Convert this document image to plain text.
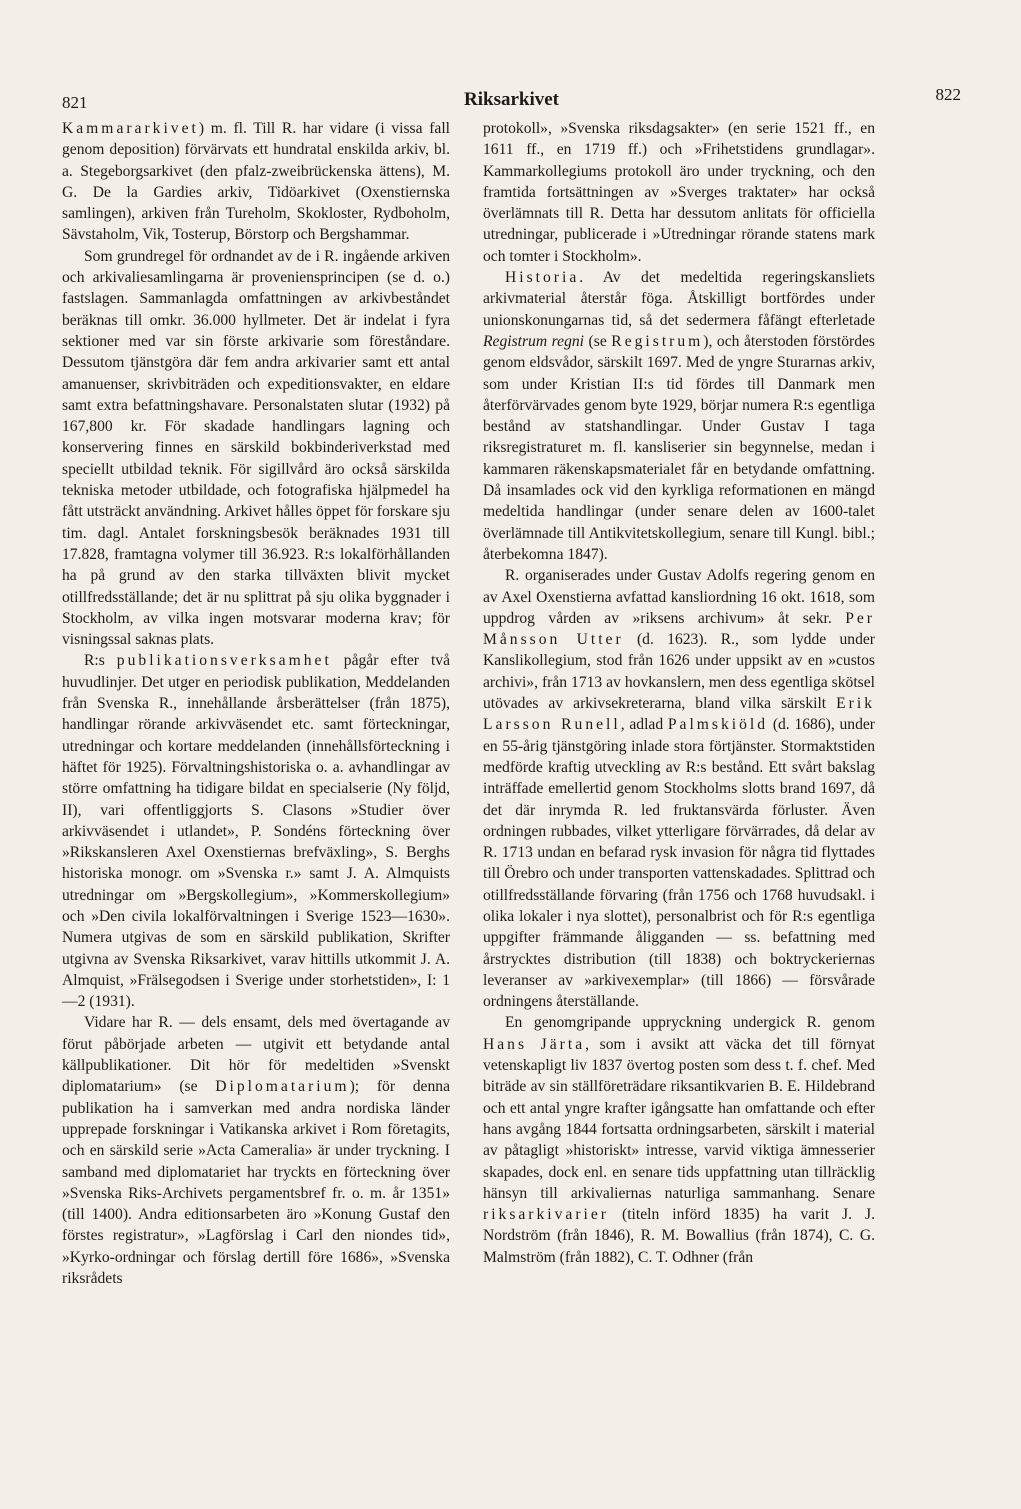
821	Riksarkivet	822

Kammararkivet) m. fl. Till R. har vidare (i vissa fall genom deposition) förvärvats ett hundratal enskilda arkiv, bl. a. Stegeborgsarkivet (den pfalz-zweibrückenska ättens), M. G. De la Gardies arkiv, Tidöarkivet (Oxenstiernska samlingen), arkiven från Tureholm, Skokloster, Rydboholm, Sävstaholm, Vik, Tosterup, Börstorp och Bergshammar.

Som grundregel för ordnandet av de i R. ingående arkiven och arkivaliesamlingarna är proveniensprincipen (se d. o.) fastslagen. Sammanlagda omfattningen av arkivbeståndet beräknas till omkr. 36.000 hyllmeter. Det är indelat i fyra sektioner med var sin förste arkivarie som föreståndare. Dessutom tjänstgöra där fem andra arkivarier samt ett antal amanuenser, skrivbiträden och expeditionsvakter, en eldare samt extra befattningshavare. Personalstaten slutar (1932) på 167,800 kr. För skadade handlingars lagning och konservering finnes en särskild bokbinderiverkstad med speciellt utbildad teknik. För sigillvård äro också särskilda tekniska metoder utbildade, och fotografiska hjälpmedel ha fått utsträckt användning. Arkivet hålles öppet för forskare sju tim. dagl. Antalet forskningsbesök beräknades 1931 till 17.828, framtagna volymer till 36.923. R:s lokalförhållanden ha på grund av den starka tillväxten blivit mycket otillfredsställande; det är nu splittrat på sju olika byggnader i Stockholm, av vilka ingen motsvarar moderna krav; för visningssal saknas plats.

R:s publikationsverksamhet pågår efter två huvudlinjer. Det utger en periodisk publikation, Meddelanden från Svenska R., innehållande årsberättelser (från 1875), handlingar rörande arkivväsendet etc. samt förteckningar, utredningar och kortare meddelanden (innehållsförteckning i häftet för 1925). Förvaltningshistoriska o. a. avhandlingar av större omfattning ha tidigare bildat en specialserie (Ny följd, II), vari offentliggjorts S. Clasons »Studier över arkivväsendet i utlandet», P. Sondéns förteckning över »Rikskansleren Axel Oxenstiernas brefväxling», S. Berghs historiska monogr. om »Svenska r.» samt J. A. Almquists utredningar om »Bergskollegium», »Kommerskollegium» och »Den civila lokalförvaltningen i Sverige 1523—1630». Numera utgivas de som en särskild publikation, Skrifter utgivna av Svenska Riksarkivet, varav hittills utkommit J. A. Almquist, »Frälsegodsen i Sverige under storhetstiden», I: 1—2 (1931).

Vidare har R. — dels ensamt, dels med övertagande av förut påbörjade arbeten — utgivit ett betydande antal källpublikationer. Dit hör för medeltiden »Svenskt diplomatarium» (se Diplomatarium); för denna publikation ha i samverkan med andra nordiska länder upprepade forskningar i Vatikanska arkivet i Rom företagits, och en särskild serie »Acta Cameralia» är under tryckning. I samband med diplomatariet har tryckts en förteckning över »Svenska Riks-Archivets pergamentsbref fr. o. m. år 1351» (till 1400). Andra editionsarbeten äro »Konung Gustaf den förstes registratur», »Lagförslag i Carl den niondes tid», »Kyrko-ordningar och förslag dertill före 1686», »Svenska riksrådets

protokoll», »Svenska riksdagsakter» (en serie 1521 ff., en 1611 ff., en 1719 ff.) och »Frihetstidens grundlagar». Kammarkollegiums protokoll äro under tryckning, och den framtida fortsättningen av »Sverges traktater» har också överlämnats till R. Detta har dessutom anlitats för officiella utredningar, publicerade i »Utredningar rörande statens mark och tomter i Stockholm».

Historia. Av det medeltida regeringskansliets arkivmaterial återstår föga. Åtskilligt bortfördes under unionskonungarnas tid, så det sedermera fåfängt efterletade Registrum regni (se Registrum), och återstoden förstördes genom eldsvådor, särskilt 1697. Med de yngre Sturarnas arkiv, som under Kristian II:s tid fördes till Danmark men återförvärvades genom byte 1929, börjar numera R:s egentliga bestånd av statshandlingar. Under Gustav I taga riksregistraturet m. fl. kansliserier sin begynnelse, medan i kammaren räkenskapsmaterialet får en betydande omfattning. Då insamlades ock vid den kyrkliga reformationen en mängd medeltida handlingar (under senare delen av 1600-talet överlämnade till Antikvitetskollegium, senare till Kungl. bibl.; återbekomna 1847).

R. organiserades under Gustav Adolfs regering genom en av Axel Oxenstierna avfattad kansliordning 16 okt. 1618, som uppdrog vården av »riksens archivum» åt sekr. Per Månsson Utter (d. 1623). R., som lydde under Kanslikollegium, stod från 1626 under uppsikt av en »custos archivi», från 1713 av hovkanslern, men dess egentliga skötsel utövades av arkivsekreterarna, bland vilka särskilt Erik Larsson Runell, adlad Palmskiöld (d. 1686), under en 55-årig tjänstgöring inlade stora förtjänster. Stormaktstiden medförde kraftig utveckling av R:s bestånd. Ett svårt bakslag inträffade emellertid genom Stockholms slotts brand 1697, då det där inrymda R. led fruktansvärda förluster. Även ordningen rubbades, vilket ytterligare förvärrades, då delar av R. 1713 undan en befarad rysk invasion för några tid flyttades till Örebro och under transporten vattenskadades. Splittrad och otillfredsställande förvaring (från 1756 och 1768 huvudsakl. i olika lokaler i nya slottet), personalbrist och för R:s egentliga uppgifter främmande åligganden — ss. befattning med årstrycktes distribution (till 1838) och boktryckeriernas leveranser av »arkivexemplar» (till 1866) — försvårade ordningens återställande.

En genomgripande uppryckning undergick R. genom Hans Järta, som i avsikt att väcka det till förnyat vetenskapligt liv 1837 övertog posten som dess t. f. chef. Med biträde av sin ställföreträdare riksantikvarien B. E. Hildebrand och ett antal yngre krafter igångsatte han omfattande och efter hans avgång 1844 fortsatta ordningsarbeten, särskilt i material av påtagligt »historiskt» intresse, varvid viktiga ämnesserier skapades, dock enl. en senare tids uppfattning utan tillräcklig hänsyn till arkivaliernas naturliga sammanhang. Senare riksarkivarier (titeln införd 1835) ha varit J. J. Nordström (från 1846), R. M. Bowallius (från 1874), C. G. Malmström (från 1882), C. T. Odhner (från
